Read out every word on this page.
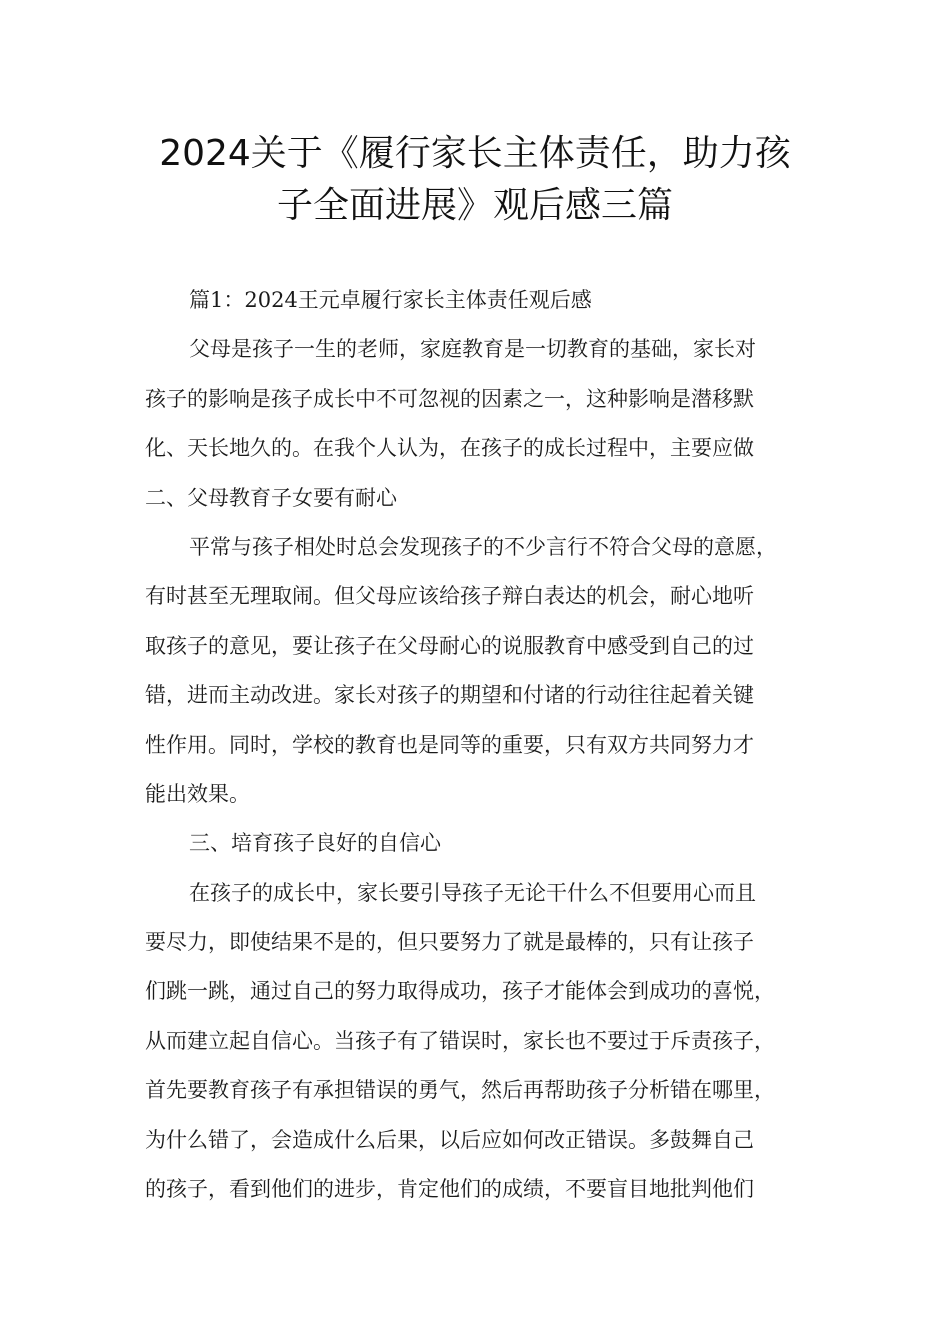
2024关于《履行家长主体责任，助力孩
子全面进展》观后感三篇
篇1：2024王元卓履行家长主体责任观后感
父母是孩子一生的老师，家庭教育是一切教育的基础，家长对
孩子的影响是孩子成长中不可忽视的因素之一，这种影响是潜移默
化、天长地久的。在我个人认为，在孩子的成长过程中，主要应做
二、父母教育子女要有耐心
平常与孩子相处时总会发现孩子的不少言行不符合父母的意愿，
有时甚至无理取闹。但父母应该给孩子辩白表达的机会，耐心地听
取孩子的意见，要让孩子在父母耐心的说服教育中感受到自己的过
错，进而主动改进。家长对孩子的期望和付诸的行动往往起着关键
性作用。同时，学校的教育也是同等的重要，只有双方共同努力才
能出效果。
三、培育孩子良好的自信心
在孩子的成长中，家长要引导孩子无论干什么不但要用心而且
要尽力，即使结果不是的，但只要努力了就是最棒的，只有让孩子
们跳一跳，通过自己的努力取得成功，孩子才能体会到成功的喜悦，
从而建立起自信心。当孩子有了错误时，家长也不要过于斥责孩子，
首先要教育孩子有承担错误的勇气，然后再帮助孩子分析错在哪里，
为什么错了，会造成什么后果，以后应如何改正错误。多鼓舞自己
的孩子，看到他们的进步，肯定他们的成绩，不要盲目地批判他们
